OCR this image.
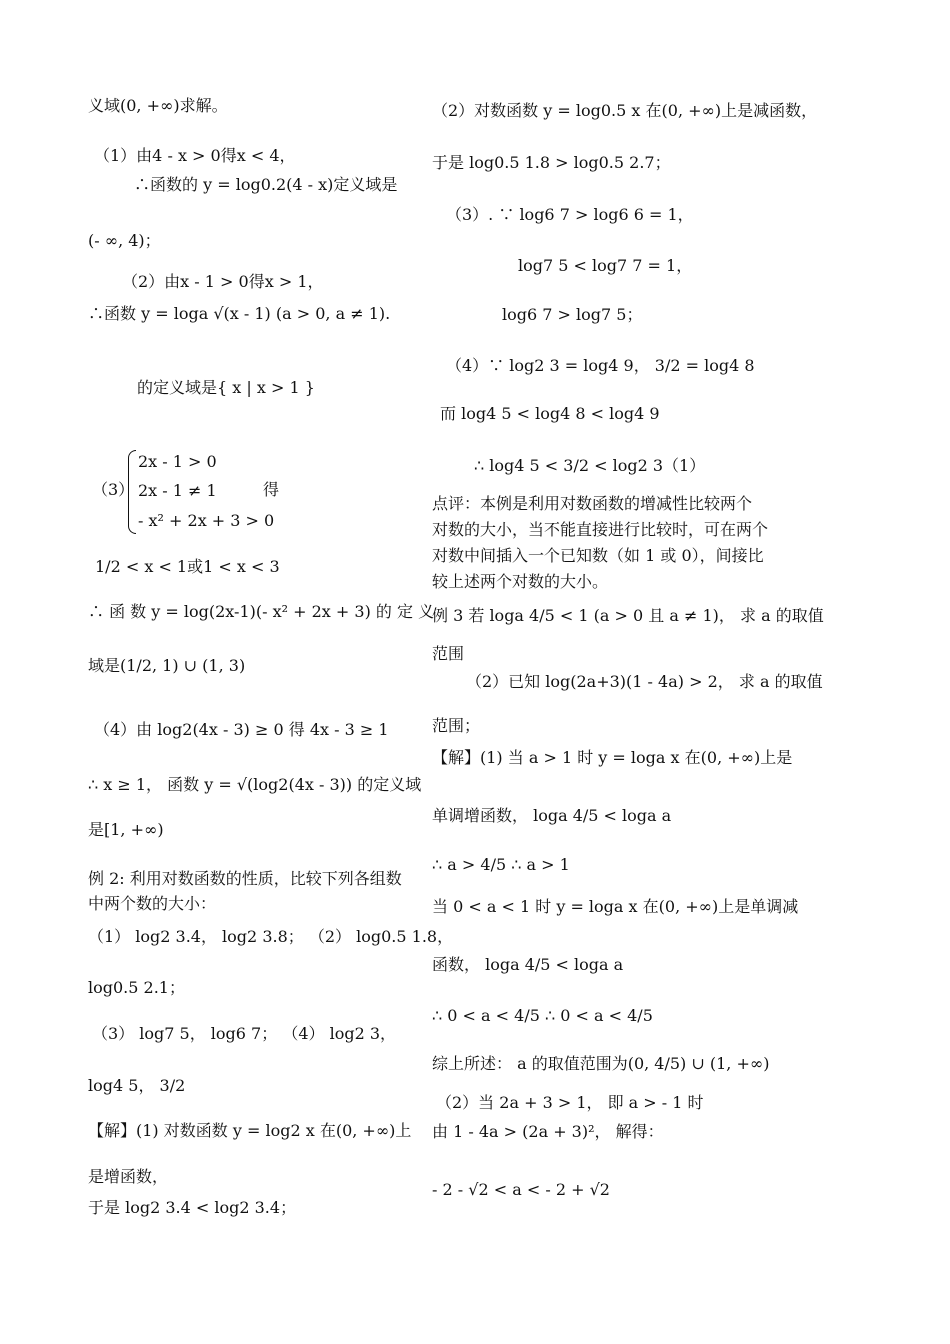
义域(0, +∞)求解。
（1）由4 - x > 0得x < 4，
∴函数的 y = log0.2(4 - x)定义域是
(- ∞, 4)；
（2）由x - 1 > 0得x > 1，
∴函数 y = loga √(x - 1) (a > 0, a ≠ 1).
的定义域是{ x | x > 1 }
2x - 1 > 0
（3） 2x - 1 ≠ 1	得
- x² + 2x + 3 > 0
1/2 < x < 1或1 < x < 3
∴ 函 数 y = log(2x-1)(- x² + 2x + 3) 的 定 义
域是(1/2, 1) ∪ (1, 3)
（4）由 log2(4x - 3) ≥ 0 得 4x - 3 ≥ 1
∴ x ≥ 1， 函数 y = √(log2(4x - 3)) 的定义域
是[1, +∞)
例 2: 利用对数函数的性质，比较下列各组数
中两个数的大小：
（1） log2 3.4， log2 3.8； （2） log0.5 1.8，
log0.5 2.1；
（3） log7 5， log6 7； （4） log2 3，
log4 5， 3/2
【解】(1) 对数函数 y = log2 x 在(0, +∞)上
是增函数，
于是 log2 3.4 < log2 3.4；
（2）对数函数 y = log0.5 x 在(0, +∞)上是减函数，
于是 log0.5 1.8 > log0.5 2.7；
（3）. ∵ log6 7 > log6 6 = 1，
log7 5 < log7 7 = 1，
log6 7 > log7 5；
（4）∵ log2 3 = log4 9， 3/2 = log4 8
而 log4 5 < log4 8 < log4 9
∴ log4 5 < 3/2 < log2 3（1）
点评：本例是利用对数函数的增减性比较两个
对数的大小，当不能直接进行比较时，可在两个
对数中间插入一个已知数（如 1 或 0），间接比
较上述两个对数的大小。
例 3 若 loga 4/5 < 1 (a > 0 且 a ≠ 1)， 求 a 的取值
范围
（2）已知 log(2a+3)(1 - 4a) > 2， 求 a 的取值
范围；
【解】(1) 当 a > 1 时 y = loga x 在(0, +∞)上是
单调增函数， loga 4/5 < loga a
∴ a > 4/5 ∴ a > 1
当 0 < a < 1 时 y = loga x 在(0, +∞)上是单调减
函数， loga 4/5 < loga a
∴ 0 < a < 4/5 ∴ 0 < a < 4/5
综上所述： a 的取值范围为(0, 4/5) ∪ (1, +∞)
（2）当 2a + 3 > 1， 即 a > - 1 时
由 1 - 4a > (2a + 3)²， 解得：
- 2 - √2 < a < - 2 + √2
